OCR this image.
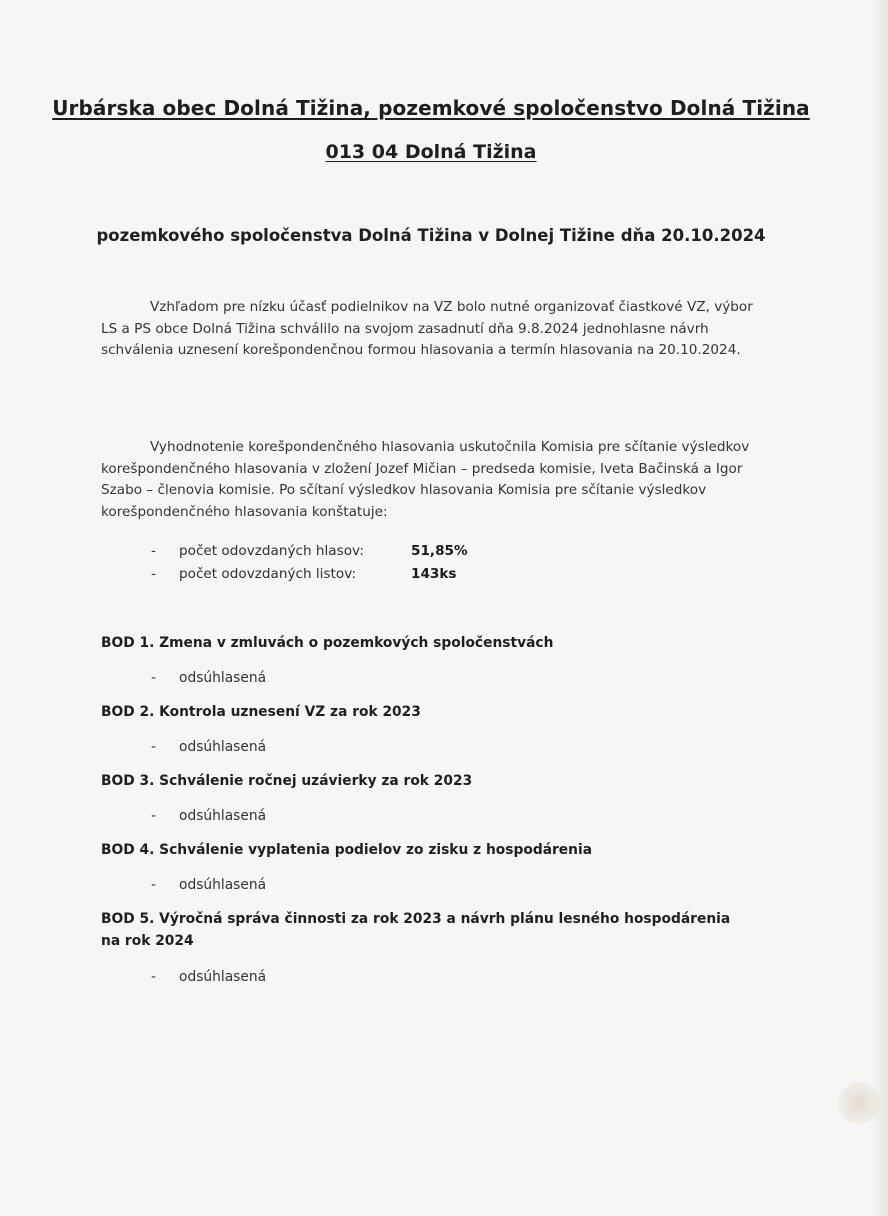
Urbárska obec Dolná Tižina, pozemkové spoločenstvo Dolná Tižina
013 04 Dolná Tižina
pozemkového spoločenstva Dolná Tižina v Dolnej Tižine dňa 20.10.2024
Vzhľadom pre nízku účasť podielnikov na VZ bolo nutné organizovať čiastkové VZ, výbor LS a PS obce Dolná Tižina schválilo na svojom zasadnutí dňa 9.8.2024 jednohlasne návrh schválenia uznesení korešpondenčnou formou hlasovania a termín hlasovania na 20.10.2024.
Vyhodnotenie korešpondenčného hlasovania uskutočnila Komisia pre sčítanie výsledkov korešpondenčného hlasovania v zložení Jozef Mičian – predseda komisie, Iveta Bačinská a Igor Szabo – členovia komisie. Po sčítaní výsledkov hlasovania Komisia pre sčítanie výsledkov korešpondenčného hlasovania konštatuje:
- počet odovzdaných hlasov:	51,85%
- počet odovzdaných listov:	143ks
BOD 1. Zmena v zmluvách o pozemkových spoločenstvách
- odsúhlasená
BOD 2. Kontrola uznesení VZ za rok 2023
- odsúhlasená
BOD 3. Schválenie ročnej uzávierky za rok 2023
- odsúhlasená
BOD 4. Schválenie vyplatenia podielov zo zisku z hospodárenia
- odsúhlasená
BOD 5. Výročná správa činnosti za rok 2023 a návrh plánu lesného hospodárenia na rok 2024
- odsúhlasená
